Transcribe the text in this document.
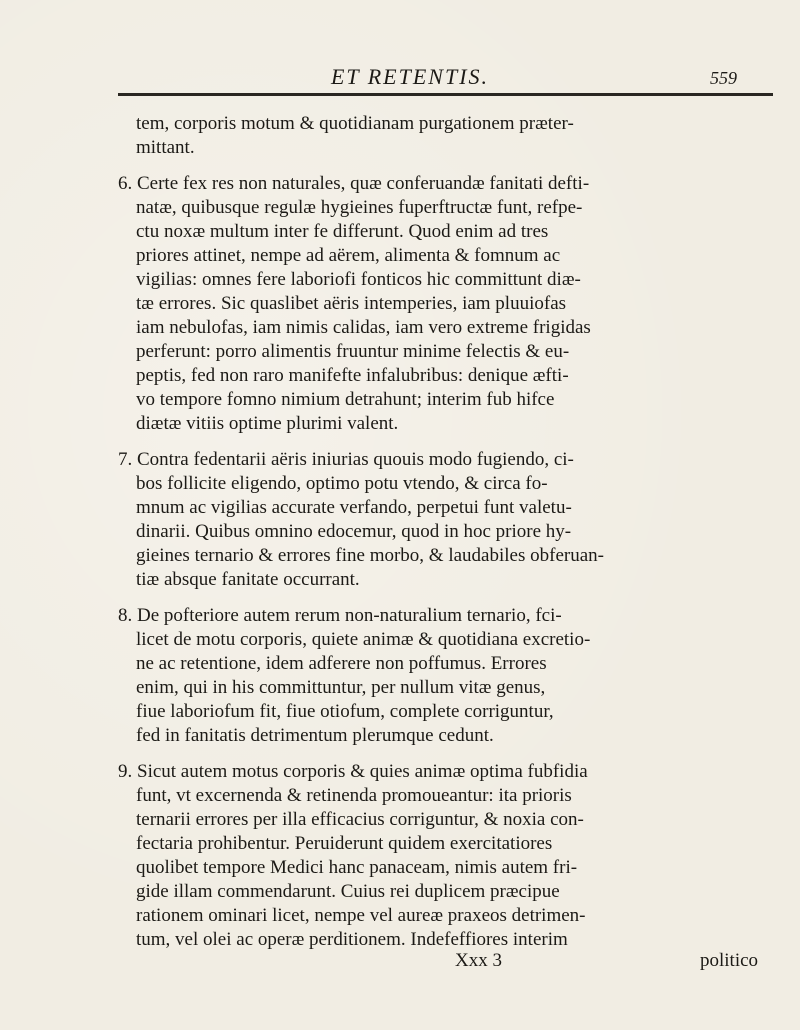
ET RETENTIS.	559
tem, corporis motum & quotidianam purgationem præter-
mittant.
6. Certe fex res non naturales, quæ conferuandæ fanitati defti-
natæ, quibusque regulæ hygieines fuperftructæ funt, refpe-
ctu noxæ multum inter fe differunt. Quod enim ad tres
priores attinet, nempe ad aërem, alimenta & fomnum ac
vigilias: omnes fere laboriofi fonticos hic committunt diæ-
tæ errores. Sic quaslibet aëris intemperies, iam pluuiofas
iam nebulofas, iam nimis calidas, iam vero extreme frigidas
perferunt: porro alimentis fruuntur minime felectis & eu-
peptis, fed non raro manifefte infalubribus: denique æfti-
vo tempore fomno nimium detrahunt; interim fub hifce
diætæ vitiis optime plurimi valent.
7. Contra fedentarii aëris iniurias quouis modo fugiendo, ci-
bos follicite eligendo, optimo potu vtendo, & circa fo-
mnum ac vigilias accurate verfando, perpetui funt valetu-
dinarii. Quibus omnino edocemur, quod in hoc priore hy-
gieines ternario & errores fine morbo, & laudabiles obferuan-
tiæ absque fanitate occurrant.
8. De pofteriore autem rerum non-naturalium ternario, fci-
licet de motu corporis, quiete animæ & quotidiana excretio-
ne ac retentione, idem adferere non poffumus. Errores
enim, qui in his committuntur, per nullum vitæ genus,
fiue laboriofum fit, fiue otiofum, complete corriguntur,
fed in fanitatis detrimentum plerumque cedunt.
9. Sicut autem motus corporis & quies animæ optima fubfidia
funt, vt excernenda & retinenda promoueantur: ita prioris
ternarii errores per illa efficacius corriguntur, & noxia con-
fectaria prohibentur. Peruiderunt quidem exercitatiores
quolibet tempore Medici hanc panaceam, nimis autem fri-
gide illam commendarunt. Cuius rei duplicem præcipue
rationem ominari licet, nempe vel aureæ praxeos detrimen-
tum, vel olei ac operæ perditionem. Indefeffiores interim
Xxx 3	politico
